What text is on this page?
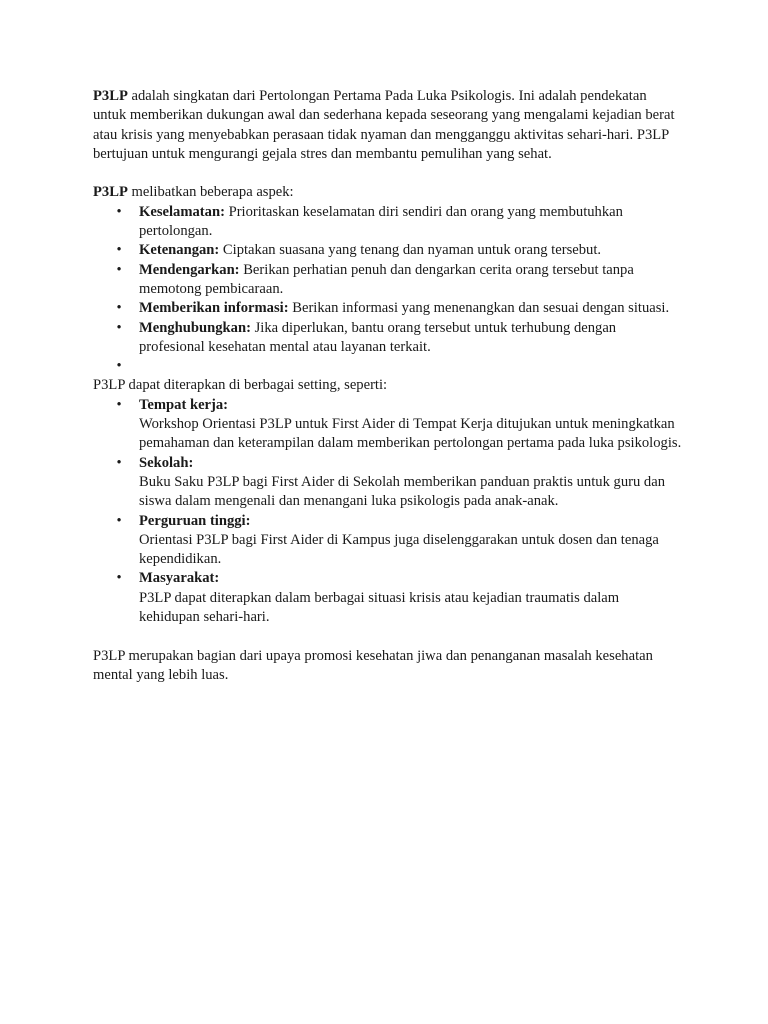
P3LP adalah singkatan dari Pertolongan Pertama Pada Luka Psikologis. Ini adalah pendekatan untuk memberikan dukungan awal dan sederhana kepada seseorang yang mengalami kejadian berat atau krisis yang menyebabkan perasaan tidak nyaman dan mengganggu aktivitas sehari-hari. P3LP bertujuan untuk mengurangi gejala stres dan membantu pemulihan yang sehat.

P3LP melibatkan beberapa aspek:

• Keselamatan: Prioritaskan keselamatan diri sendiri dan orang yang membutuhkan pertolongan.
• Ketenangan: Ciptakan suasana yang tenang dan nyaman untuk orang tersebut.
• Mendengarkan: Berikan perhatian penuh dan dengarkan cerita orang tersebut tanpa memotong pembicaraan.
• Memberikan informasi: Berikan informasi yang menenangkan dan sesuai dengan situasi.
• Menghubungkan: Jika diperlukan, bantu orang tersebut untuk terhubung dengan profesional kesehatan mental atau layanan terkait.
•

P3LP dapat diterapkan di berbagai setting, seperti:

• Tempat kerja:
Workshop Orientasi P3LP untuk First Aider di Tempat Kerja ditujukan untuk meningkatkan pemahaman dan keterampilan dalam memberikan pertolongan pertama pada luka psikologis.
• Sekolah:
Buku Saku P3LP bagi First Aider di Sekolah memberikan panduan praktis untuk guru dan siswa dalam mengenali dan menangani luka psikologis pada anak-anak.
• Perguruan tinggi:
Orientasi P3LP bagi First Aider di Kampus juga diselenggarakan untuk dosen dan tenaga kependidikan.
• Masyarakat:
P3LP dapat diterapkan dalam berbagai situasi krisis atau kejadian traumatis dalam kehidupan sehari-hari.

P3LP merupakan bagian dari upaya promosi kesehatan jiwa dan penanganan masalah kesehatan mental yang lebih luas.
